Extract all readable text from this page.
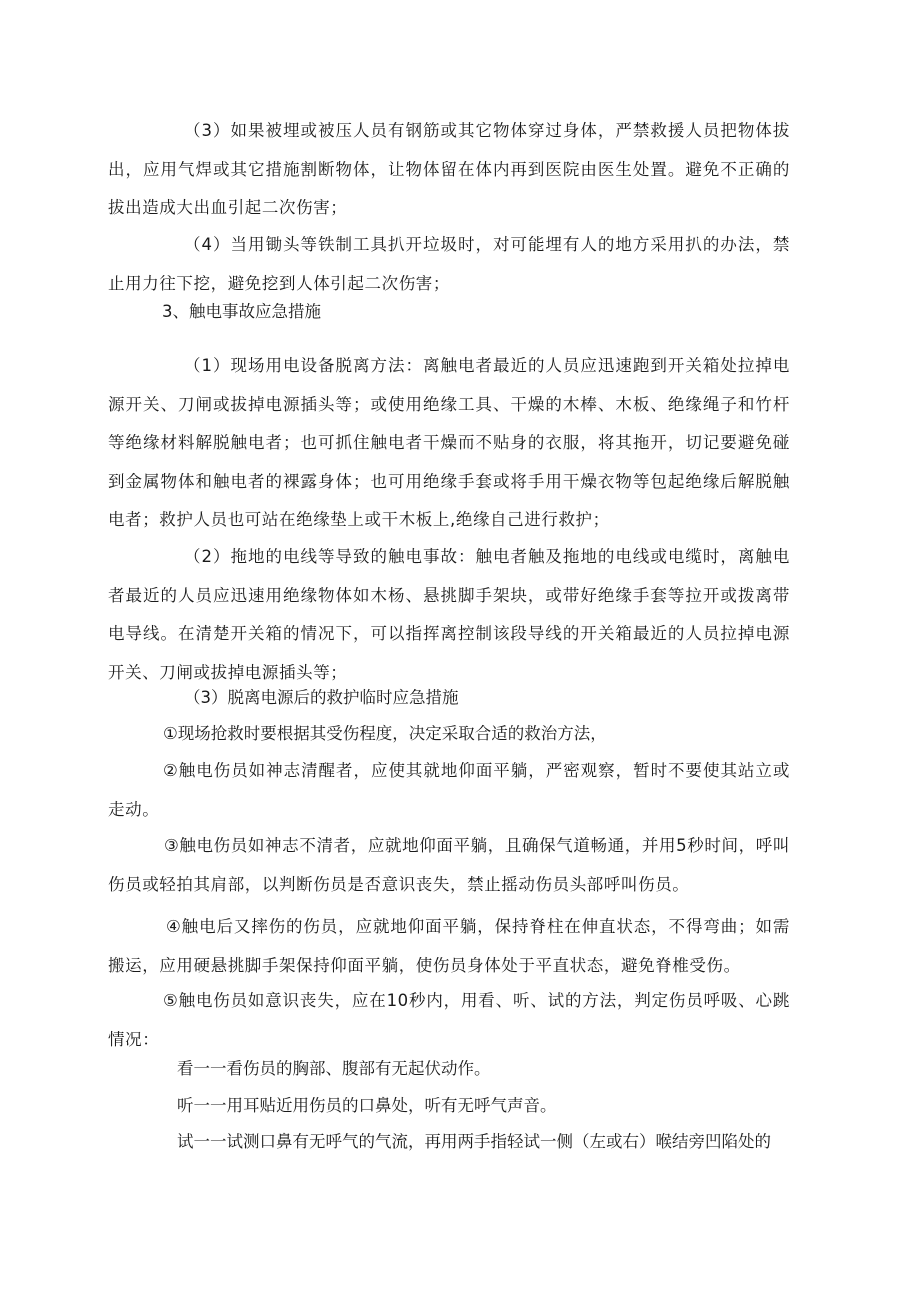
（3）如果被埋或被压人员有钢筋或其它物体穿过身体，严禁救援人员把物体拔出，应用气焊或其它措施割断物体，让物体留在体内再到医院由医生处置。避免不正确的拔出造成大出血引起二次伤害；

（4）当用锄头等铁制工具扒开垃圾时，对可能埋有人的地方采用扒的办法，禁止用力往下挖，避免挖到人体引起二次伤害；

3、触电事故应急措施

（1）现场用电设备脱离方法：离触电者最近的人员应迅速跑到开关箱处拉掉电源开关、刀闸或拔掉电源插头等；或使用绝缘工具、干燥的木棒、木板、绝缘绳子和竹杆等绝缘材料解脱触电者；也可抓住触电者干燥而不贴身的衣服，将其拖开，切记要避免碰到金属物体和触电者的裸露身体；也可用绝缘手套或将手用干燥衣物等包起绝缘后解脱触电者；救护人员也可站在绝缘垫上或干木板上,绝缘自己进行救护；

（2）拖地的电线等导致的触电事故：触电者触及拖地的电线或电缆时，离触电者最近的人员应迅速用绝缘物体如木杨、悬挑脚手架块，或带好绝缘手套等拉开或拨离带电导线。在清楚开关箱的情况下，可以指挥离控制该段导线的开关箱最近的人员拉掉电源开关、刀闸或拔掉电源插头等；

（3）脱离电源后的救护临时应急措施

①现场抢救时要根据其受伤程度，决定采取合适的救治方法，

②触电伤员如神志清醒者，应使其就地仰面平躺，严密观察，暂时不要使其站立或走动。

③触电伤员如神志不清者，应就地仰面平躺，且确保气道畅通，并用5秒时间，呼叫伤员或轻拍其肩部，以判断伤员是否意识丧失，禁止摇动伤员头部呼叫伤员。

④触电后又摔伤的伤员，应就地仰面平躺，保持脊柱在伸直状态，不得弯曲；如需搬运，应用硬悬挑脚手架保持仰面平躺，使伤员身体处于平直状态，避免脊椎受伤。

⑤触电伤员如意识丧失，应在10秒内，用看、听、试的方法，判定伤员呼吸、心跳情况：

看一一看伤员的胸部、腹部有无起伏动作。

听一一用耳贴近用伤员的口鼻处，听有无呼气声音。

试一一试测口鼻有无呼气的气流，再用两手指轻试一侧（左或右）喉结旁凹陷处的
